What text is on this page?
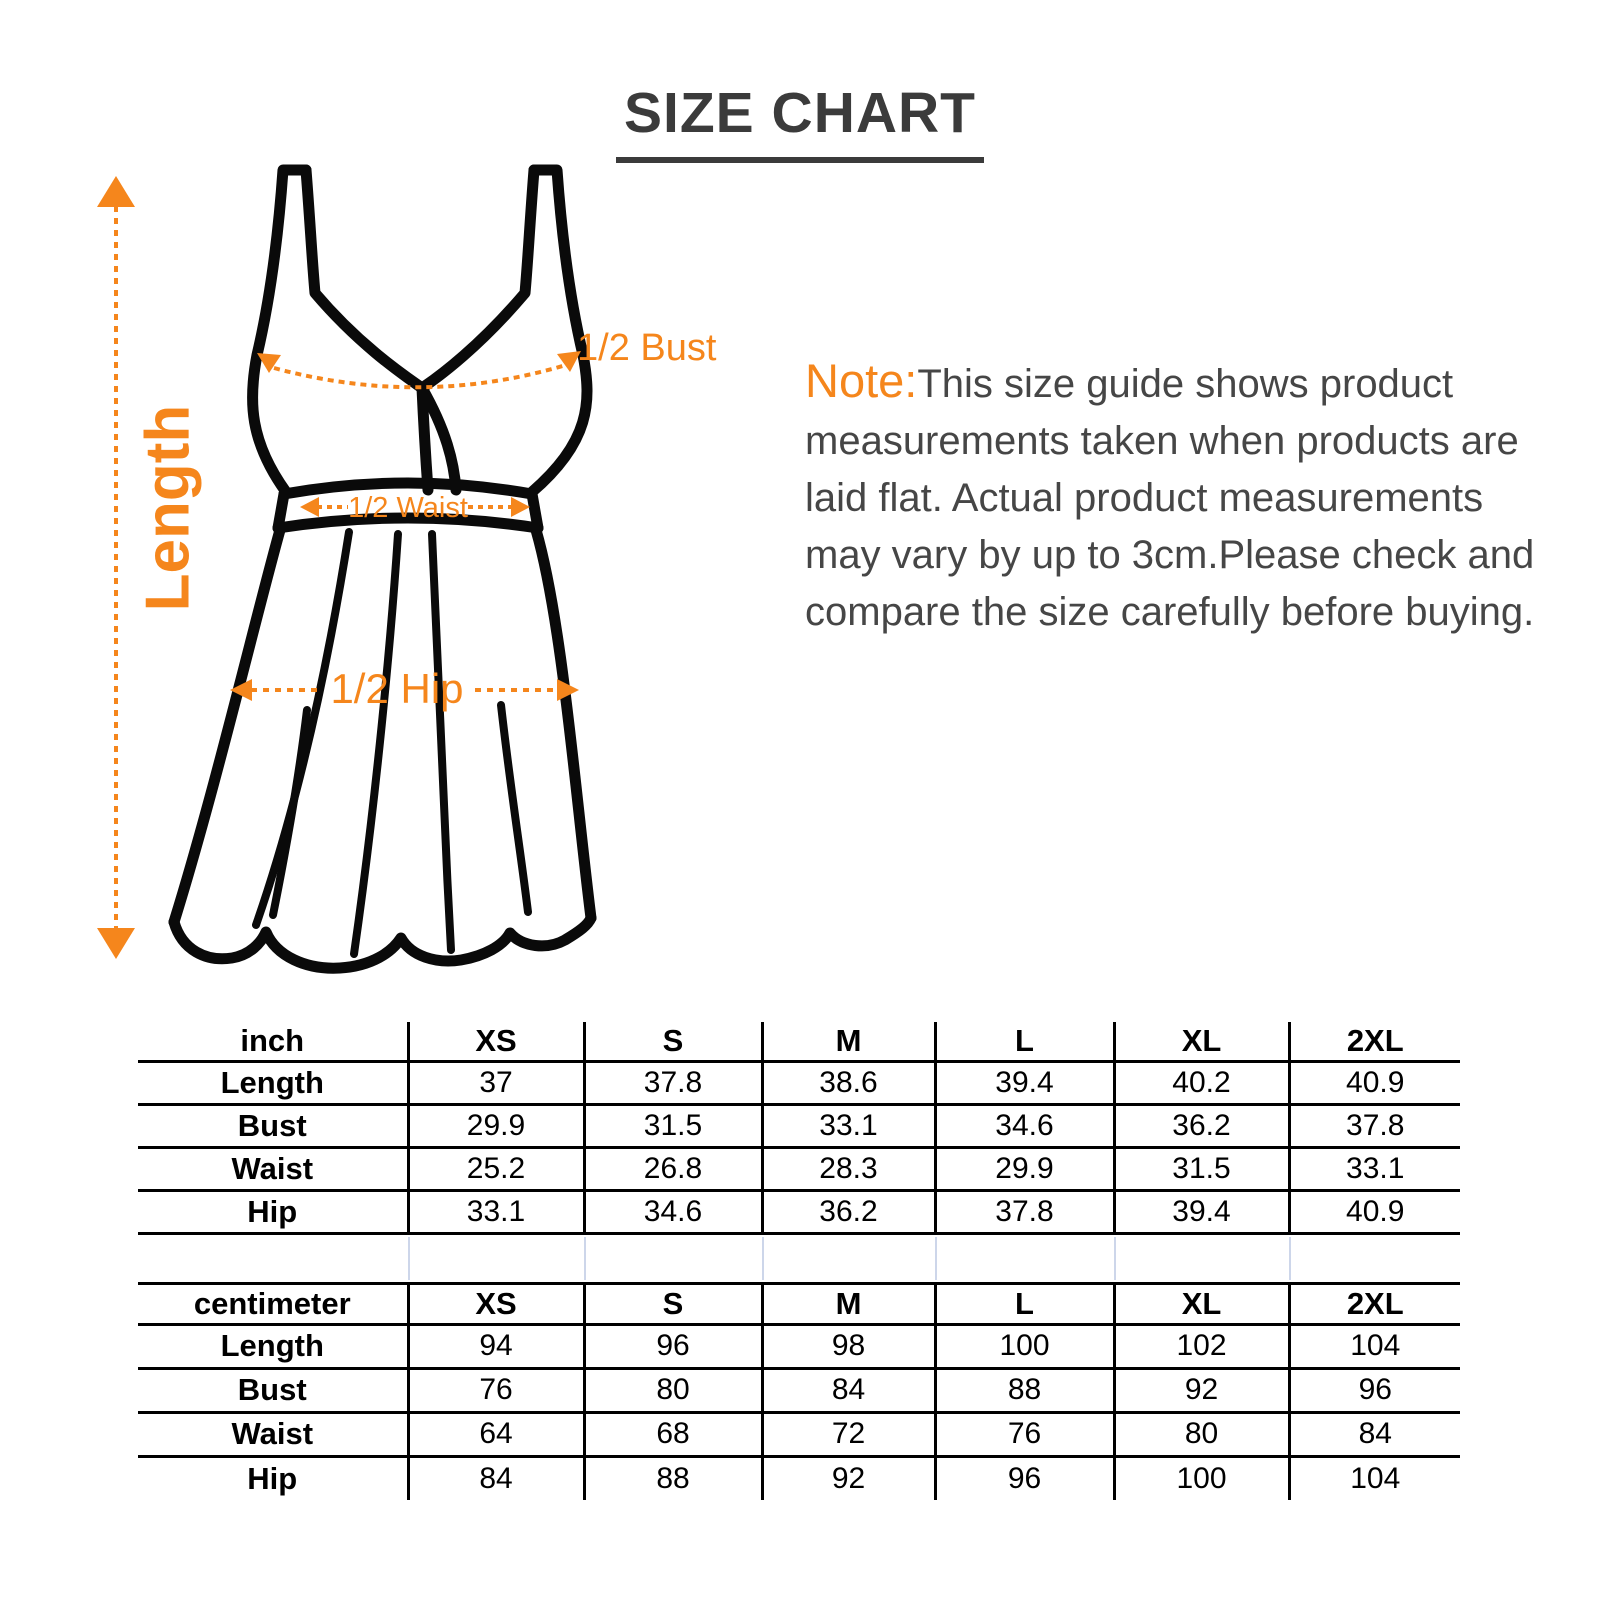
SIZE CHART
Length
1/2 Bust
1/2 Waist
1/2 Hip
Note:This size guide shows product
measurements taken when products are
laid flat. Actual product measurements
may vary by up to 3cm.Please check and
compare the size carefully before buying.
inch	XS	S	M	L	XL	2XL
Length	37	37.8	38.6	39.4	40.2	40.9
Bust	29.9	31.5	33.1	34.6	36.2	37.8
Waist	25.2	26.8	28.3	29.9	31.5	33.1
Hip	33.1	34.6	36.2	37.8	39.4	40.9
centimeter	XS	S	M	L	XL	2XL
Length	94	96	98	100	102	104
Bust	76	80	84	88	92	96
Waist	64	68	72	76	80	84
Hip	84	88	92	96	100	104
